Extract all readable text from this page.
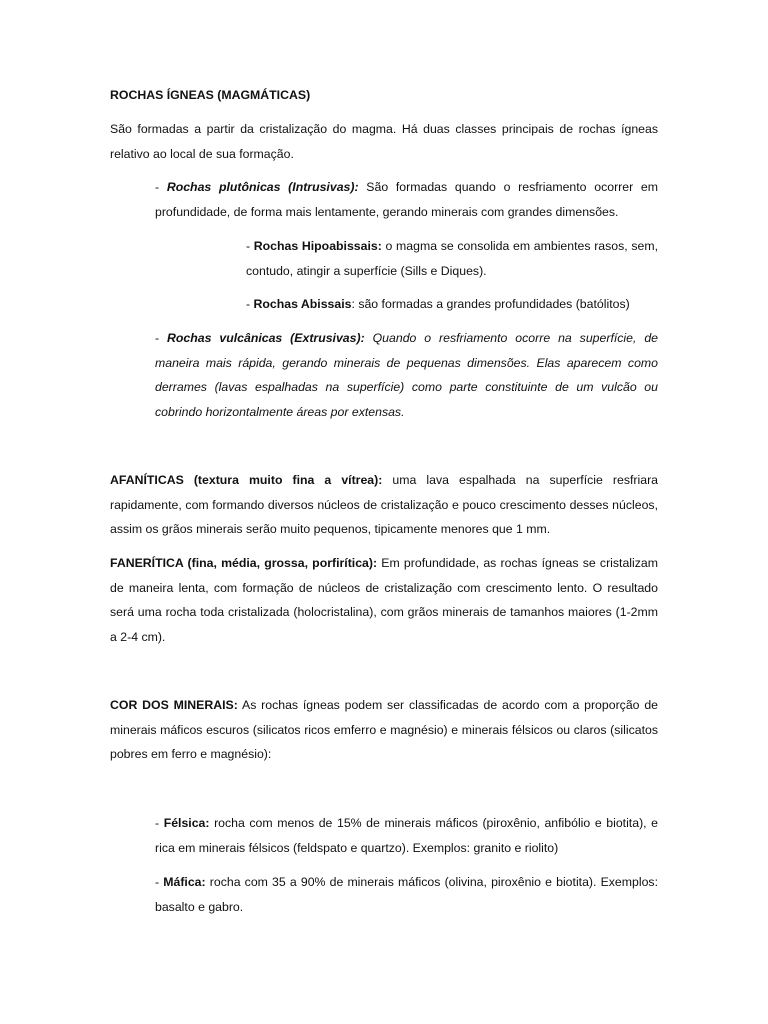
ROCHAS ÍGNEAS (MAGMÁTICAS)

São formadas a partir da cristalização do magma. Há duas classes principais de rochas ígneas relativo ao local de sua formação.

- Rochas plutônicas (Intrusivas): São formadas quando o resfriamento ocorrer em profundidade, de forma mais lentamente, gerando minerais com grandes dimensões.

- Rochas Hipoabissais: o magma se consolida em ambientes rasos, sem, contudo, atingir a superfície (Sills e Diques).

- Rochas Abissais: são formadas a grandes profundidades (batólitos)

- Rochas vulcânicas (Extrusivas): Quando o resfriamento ocorre na superfície, de maneira mais rápida, gerando minerais de pequenas dimensões. Elas aparecem como derrames (lavas espalhadas na superfície) como parte constituinte de um vulcão ou cobrindo horizontalmente áreas por extensas.

AFANÍTICAS (textura muito fina a vítrea): uma lava espalhada na superfície resfriara rapidamente, com formando diversos núcleos de cristalização e pouco crescimento desses núcleos, assim os grãos minerais serão muito pequenos, tipicamente menores que 1 mm.

FANERÍTICA (fina, média, grossa, porfirítica): Em profundidade, as rochas ígneas se cristalizam de maneira lenta, com formação de núcleos de cristalização com crescimento lento. O resultado será uma rocha toda cristalizada (holocristalina), com grãos minerais de tamanhos maiores (1-2mm a 2-4 cm).

COR DOS MINERAIS: As rochas ígneas podem ser classificadas de acordo com a proporção de minerais máficos escuros (silicatos ricos emferro e magnésio) e minerais félsicos ou claros (silicatos pobres em ferro e magnésio):

- Félsica: rocha com menos de 15% de minerais máficos (piroxênio, anfibólio e biotita), e rica em minerais félsicos (feldspato e quartzo). Exemplos: granito e riolito)

- Máfica: rocha com 35 a 90% de minerais máficos (olivina, piroxênio e biotita). Exemplos: basalto e gabro.
